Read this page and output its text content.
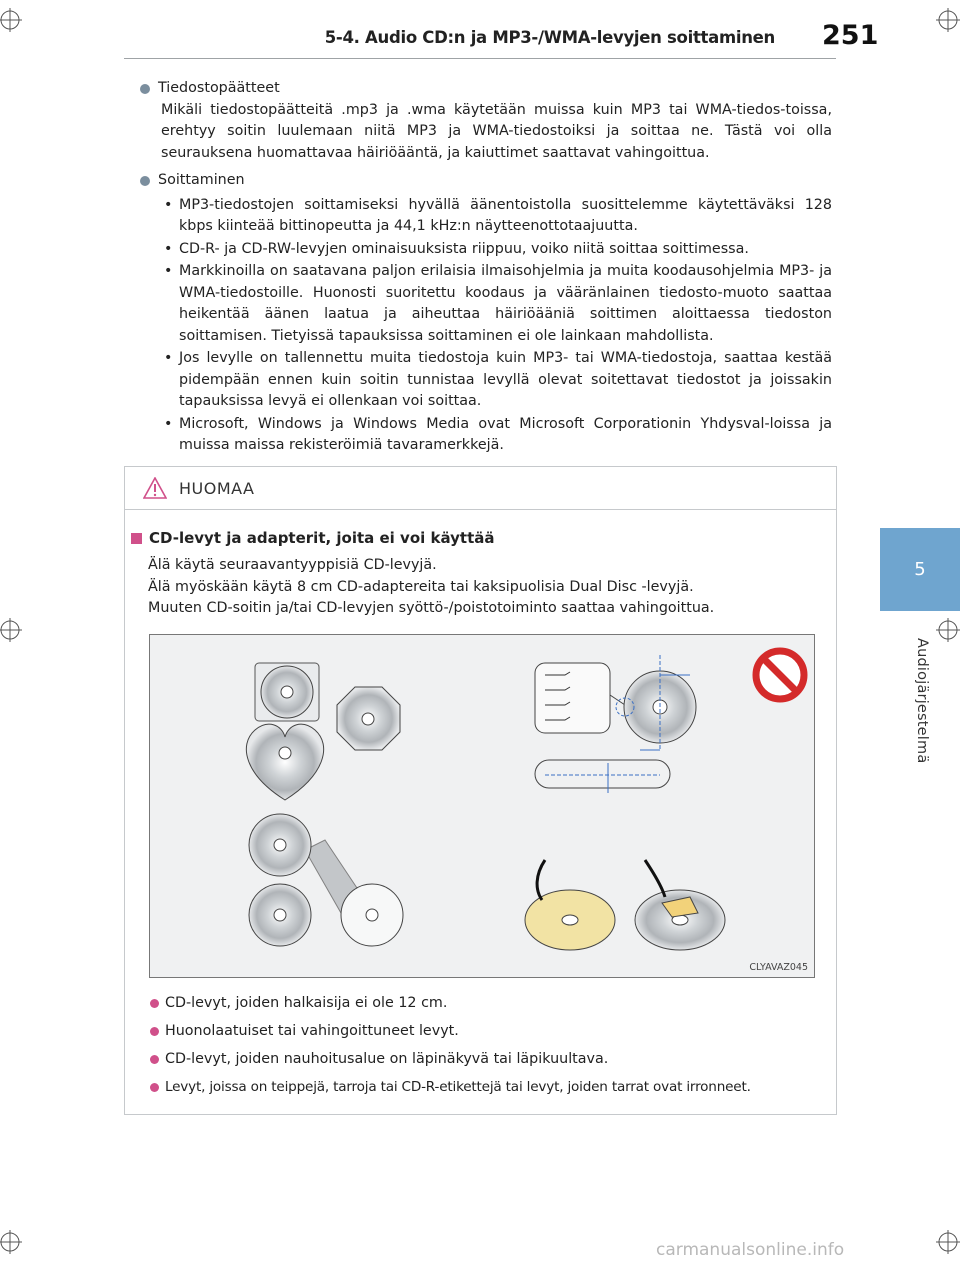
5-4. Audio CD:n ja MP3-/WMA-levyjen soittaminen 251
5
Audiojärjestelmä
Tiedostopäätteet
Mikäli tiedostopäätteitä .mp3 ja .wma käytetään muissa kuin MP3 tai WMA-tiedos-toissa, erehtyy soitin luulemaan niitä MP3 ja WMA-tiedostoiksi ja soittaa ne. Tästä voi olla seurauksena huomattavaa häiriöääntä, ja kaiuttimet saattavat vahingoittua.
Soittaminen
• MP3-tiedostojen soittamiseksi hyvällä äänentoistolla suosittelemme käytettäväksi 128 kbps kiinteää bittinopeutta ja 44,1 kHz:n näytteenottotaajuutta.
• CD-R- ja CD-RW-levyjen ominaisuuksista riippuu, voiko niitä soittaa soittimessa.
• Markkinoilla on saatavana paljon erilaisia ilmaisohjelmia ja muita koodausohjelmia MP3- ja WMA-tiedostoille. Huonosti suoritettu koodaus ja vääränlainen tiedosto-muoto saattaa heikentää äänen laatua ja aiheuttaa häiriöääniä soittimen aloittaessa tiedoston soittamisen. Tietyissä tapauksissa soittaminen ei ole lainkaan mahdollista.
• Jos levylle on tallennettu muita tiedostoja kuin MP3- tai WMA-tiedostoja, saattaa kestää pidempään ennen kuin soitin tunnistaa levyllä olevat soitettavat tiedostot ja joissakin tapauksissa levyä ei ollenkaan voi soittaa.
• Microsoft, Windows ja Windows Media ovat Microsoft Corporationin Yhdysval-loissa ja muissa maissa rekisteröimiä tavaramerkkejä.
HUOMAA
CD-levyt ja adapterit, joita ei voi käyttää
Älä käytä seuraavantyyppisiä CD-levyjä.
Älä myöskään käytä 8 cm CD-adaptereita tai kaksipuolisia Dual Disc -levyjä.
Muuten CD-soitin ja/tai CD-levyjen syöttö-/poistotoiminto saattaa vahingoittua.
CLYAVAZ045
CD-levyt, joiden halkaisija ei ole 12 cm.
Huonolaatuiset tai vahingoittuneet levyt.
CD-levyt, joiden nauhoitusalue on läpinäkyvä tai läpikuultava.
Levyt, joissa on teippejä, tarroja tai CD-R-etikettejä tai levyt, joiden tarrat ovat irronneet.
carmanualsonline.info
